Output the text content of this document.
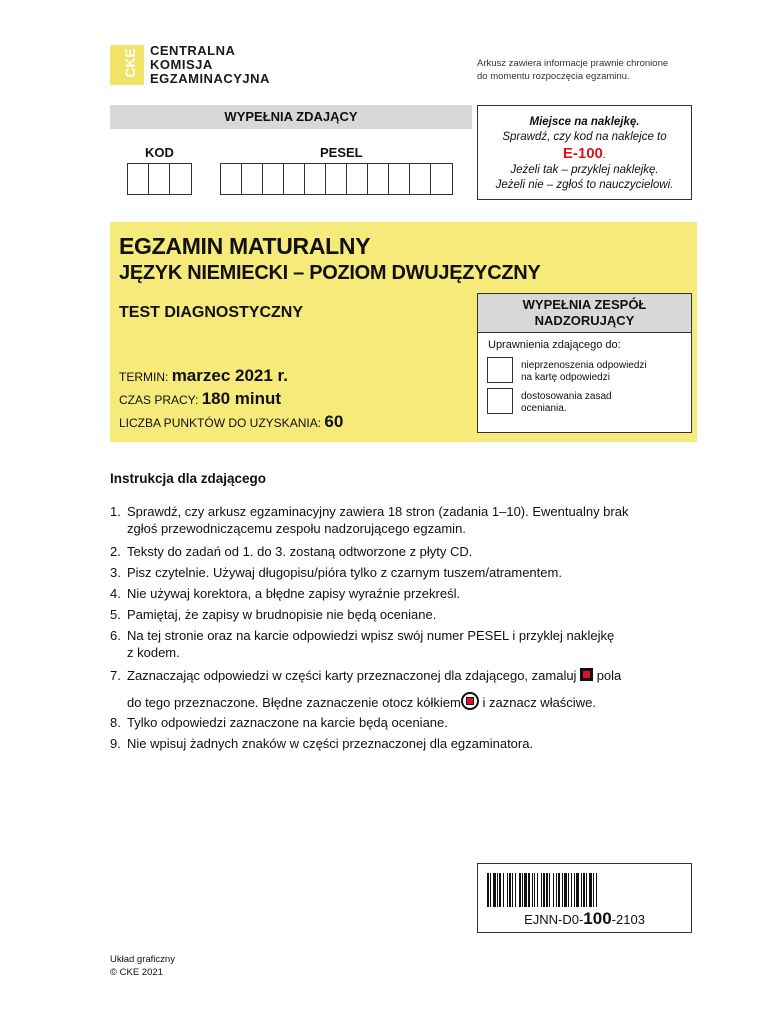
CKE CENTRALNA
KOMISJA
EGZAMINACYJNA
Arkusz zawiera informacje prawnie chronione
do momentu rozpoczęcia egzaminu.
WYPEŁNIA ZDAJĄCY
KOD	PESEL
Miejsce na naklejkę.
Sprawdź, czy kod na naklejce to
E-100.
Jeżeli tak – przyklej naklejkę.
Jeżeli nie – zgłoś to nauczycielowi.
EGZAMIN MATURALNY
JĘZYK NIEMIECKI – POZIOM DWUJĘZYCZNY
TEST DIAGNOSTYCZNY
TERMIN: marzec 2021 r.
CZAS PRACY: 180 minut
LICZBA PUNKTÓW DO UZYSKANIA: 60
WYPEŁNIA ZESPÓŁ
NADZORUJĄCY
Uprawnienia zdającego do:
nieprzenoszenia odpowiedzi
na kartę odpowiedzi
dostosowania zasad
oceniania.
Instrukcja dla zdającego
1. Sprawdź, czy arkusz egzaminacyjny zawiera 18 stron (zadania 1–10). Ewentualny brak
zgłoś przewodniczącemu zespołu nadzorującego egzamin.
2. Teksty do zadań od 1. do 3. zostaną odtworzone z płyty CD.
3. Pisz czytelnie. Używaj długopisu/pióra tylko z czarnym tuszem/atramentem.
4. Nie używaj korektora, a błędne zapisy wyraźnie przekreśl.
5. Pamiętaj, że zapisy w brudnopisie nie będą oceniane.
6. Na tej stronie oraz na karcie odpowiedzi wpisz swój numer PESEL i przyklej naklejkę
z kodem.
7. Zaznaczając odpowiedzi w części karty przeznaczonej dla zdającego, zamaluj pola
do tego przeznaczone. Błędne zaznaczenie otocz kółkiem i zaznacz właściwe.
8. Tylko odpowiedzi zaznaczone na karcie będą oceniane.
9. Nie wpisuj żadnych znaków w części przeznaczonej dla egzaminatora.
EJNN-D0-100-2103
Układ graficzny
© CKE 2021
